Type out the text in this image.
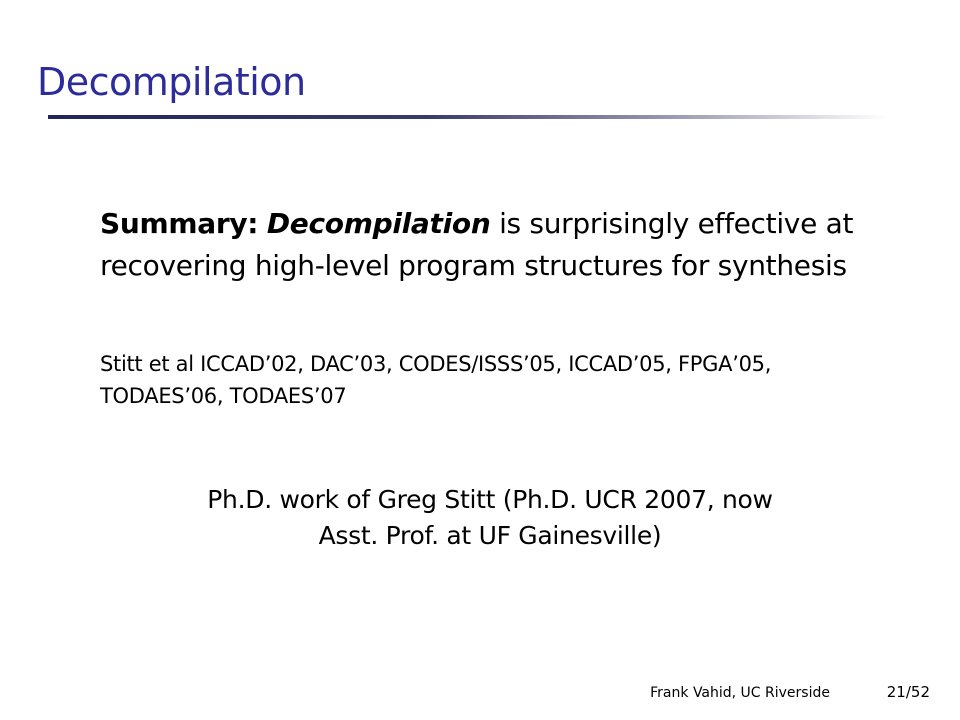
Decompilation

Summary: Decompilation is surprisingly effective at recovering high-level program structures for synthesis

Stitt et al ICCAD’02, DAC’03, CODES/ISSS’05, ICCAD’05, FPGA’05, TODAES’06, TODAES’07

Ph.D. work of Greg Stitt (Ph.D. UCR 2007, now
Asst. Prof. at UF Gainesville)
Frank Vahid, UC Riverside	21/52
